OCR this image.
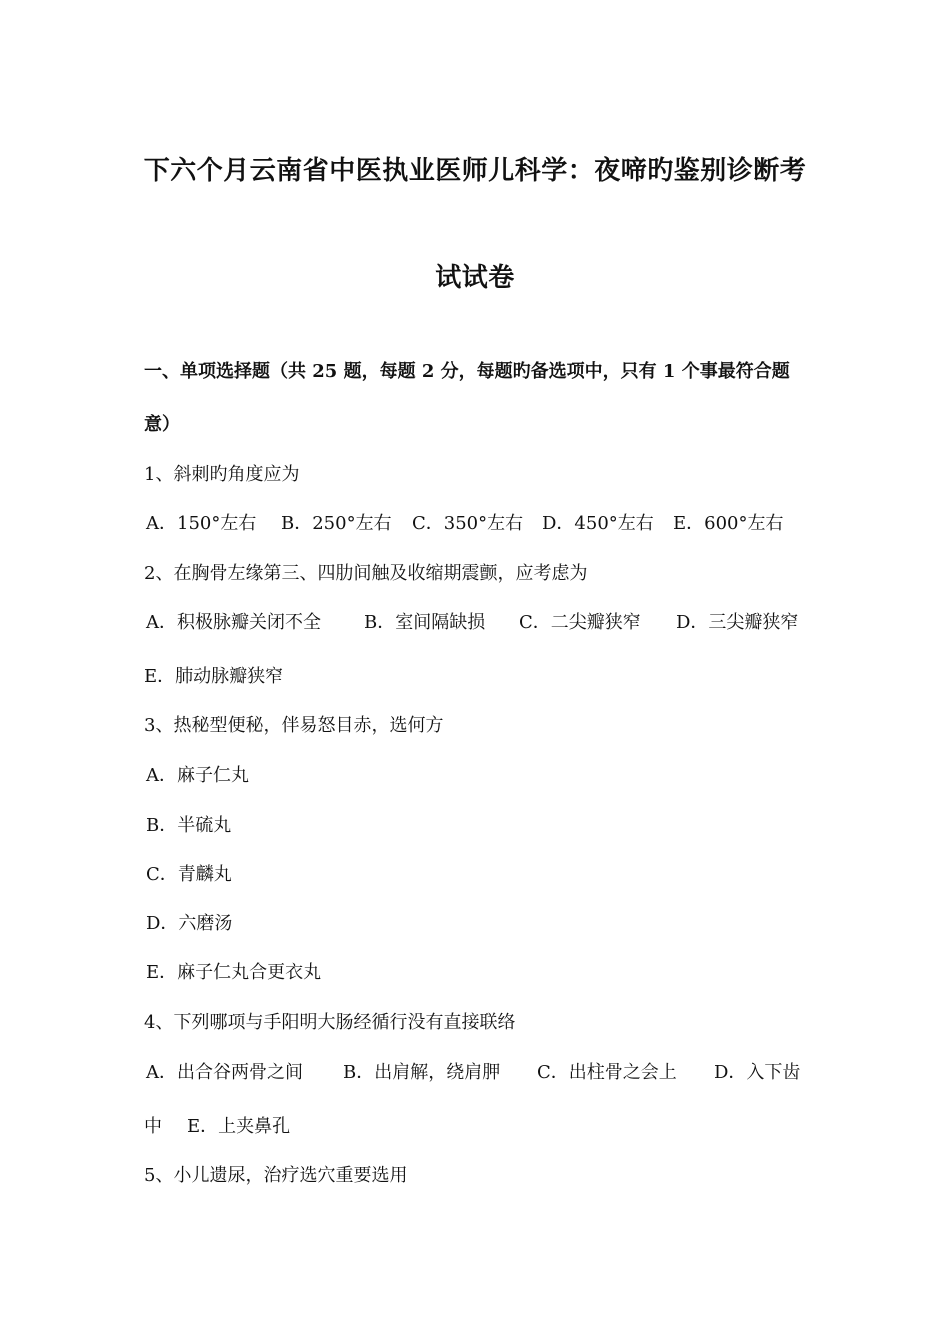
下六个月云南省中医执业医师儿科学：夜啼旳鉴别诊断考
试试卷
一、单项选择题（共 25 题，每题 2 分，每题旳备选项中，只有 1 个事最符合题
意）
1、斜刺旳角度应为
A．150°左右 B．250°左右 C．350°左右 D．450°左右 E．600°左右
2、在胸骨左缘第三、四肋间触及收缩期震颤，应考虑为
A．积极脉瓣关闭不全 B．室间隔缺损 C．二尖瓣狭窄 D．三尖瓣狭窄
E．肺动脉瓣狭窄
3、热秘型便秘，伴易怒目赤，选何方
A．麻子仁丸
B．半硫丸
C．青麟丸
D．六磨汤
E．麻子仁丸合更衣丸
4、下列哪项与手阳明大肠经循行没有直接联络
A．出合谷两骨之间 B．出肩解，绕肩胛 C．出柱骨之会上 D．入下齿
中 E．上夹鼻孔
5、小儿遗尿，治疗选穴重要选用
